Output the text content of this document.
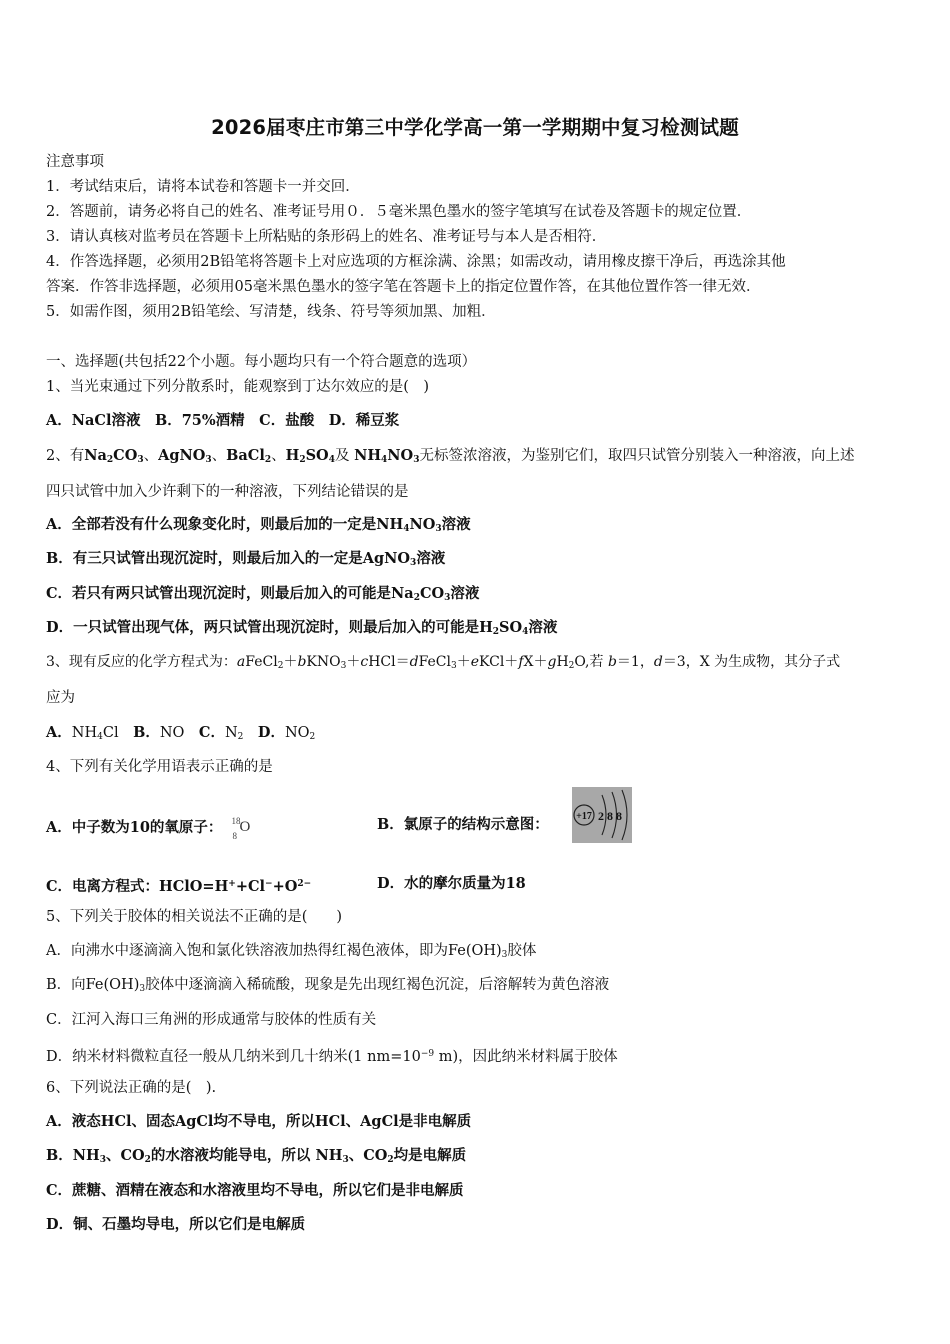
2026届枣庄市第三中学化学高一第一学期期中复习检测试题
注意事项
1．考试结束后，请将本试卷和答题卡一并交回．
2．答题前，请务必将自己的姓名、准考证号用０．５毫米黑色墨水的签字笔填写在试卷及答题卡的规定位置．
3．请认真核对监考员在答题卡上所粘贴的条形码上的姓名、准考证号与本人是否相符．
4．作答选择题，必须用2B铅笔将答题卡上对应选项的方框涂满、涂黑；如需改动，请用橡皮擦干净后，再选涂其他
答案．作答非选择题，必须用05毫米黑色墨水的签字笔在答题卡上的指定位置作答，在其他位置作答一律无效．
5．如需作图，须用2B铅笔绘、写清楚，线条、符号等须加黑、加粗．
一、选择题(共包括22个小题。每小题均只有一个符合题意的选项）
1、当光束通过下列分散系时，能观察到丁达尔效应的是(　)
A．NaCl溶液　B．75%酒精　C．盐酸　D．稀豆浆
2、有$Na_2CO_3$、AgNO$_3$、BaCl$_2$、$H_2SO_4$及 $NH_4NO_3$无标签浓溶液，为鉴别它们，取四只试管分别装入一种溶液，向上述
四只试管中加入少许剩下的一种溶液，下列结论错误的是
A．全部若没有什么现象变化时，则最后加的一定是$NH_4NO_3$溶液
B．有三只试管出现沉淀时，则最后加入的一定是AgNO$_3$溶液
C．若只有两只试管出现沉淀时，则最后加入的可能是$Na_2CO_3$溶液
D．一只试管出现气体，两只试管出现沉淀时，则最后加入的可能是$H_2SO_4$溶液
3、现有反应的化学方程式为：$aFeCl_2+bKNO_3+cHCl=dFeCl_3+eKCl+fX+gH_2O$,若 b＝1，d＝3，X 为生成物，其分子式
应为
A．$NH_4Cl$　B．NO　C．$N_2$　 D．$NO_2$
4、下列有关化学用语表示正确的是
A．中子数为10的氧原子： 18
8
O	B．氯原子的结构示意图：	+17 2 8 8
C．电离方程式：$HClO=H^++Cl^-+O^{2-}$	D．水的摩尔质量为18
5、下列关于胶体的相关说法不正确的是(　　)
A．向沸水中逐滴滴入饱和氯化铁溶液加热得红褐色液体，即为$Fe(OH)_3$胶体
B．向$Fe(OH)_3$胶体中逐滴滴入稀硫酸，现象是先出现红褐色沉淀，后溶解转为黄色溶液
C．江河入海口三角洲的形成通常与胶体的性质有关
D．纳米材料微粒直径一般从几纳米到几十纳米(1 $nm=10^{-9}$ m)，因此纳米材料属于胶体
6、下列说法正确的是(　).
A．液态HCl、固态AgCl均不导电，所以HCl、AgCl是非电解质
B．$NH_3$、$CO_2$的水溶液均能导电，所以 $NH_3$、$CO_2$均是电解质
C．蔗糖、酒精在液态和水溶液里均不导电，所以它们是非电解质
D．铜、石墨均导电，所以它们是电解质
